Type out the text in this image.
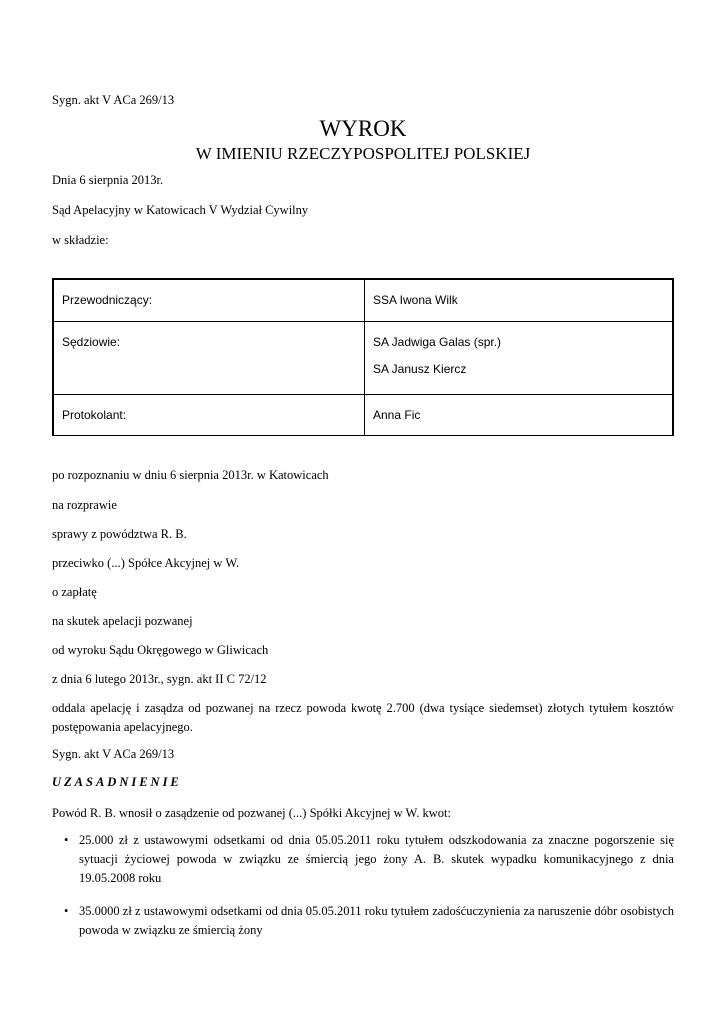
Sygn. akt V ACa 269/13
WYROK
W IMIENIU RZECZYPOSPOLITEJ POLSKIEJ
Dnia 6 sierpnia 2013r.
Sąd Apelacyjny w Katowicach V Wydział Cywilny
w składzie:
Przewodniczący:	SSA Iwona Wilk
Sędziowie:	SA Jadwiga Galas (spr.)
SA Janusz Kiercz

Protokolant:	Anna Fic
po rozpoznaniu w dniu 6 sierpnia 2013r. w Katowicach
na rozprawie
sprawy z powództwa R. B.
przeciwko (...) Spółce Akcyjnej w W.
o zapłatę
na skutek apelacji pozwanej
od wyroku Sądu Okręgowego w Gliwicach
z dnia 6 lutego 2013r., sygn. akt II C 72/12
oddala apelację i zasądza od pozwanej na rzecz powoda kwotę 2.700 (dwa tysiące siedemset) złotych tytułem kosztów postępowania apelacyjnego.
Sygn. akt V ACa 269/13
UZASADNIENIE
Powód R. B. wnosił o zasądzenie od pozwanej (...) Spółki Akcyjnej w W. kwot:
• 25.000 zł z ustawowymi odsetkami od dnia 05.05.2011 roku tytułem odszkodowania za znaczne pogorszenie się sytuacji życiowej powoda w związku ze śmiercią jego żony A. B. skutek wypadku komunikacyjnego z dnia 19.05.2008 roku
• 35.0000 zł z ustawowymi odsetkami od dnia 05.05.2011 roku tytułem zadośćuczynienia za naruszenie dóbr osobistych powoda w związku ze śmiercią żony
